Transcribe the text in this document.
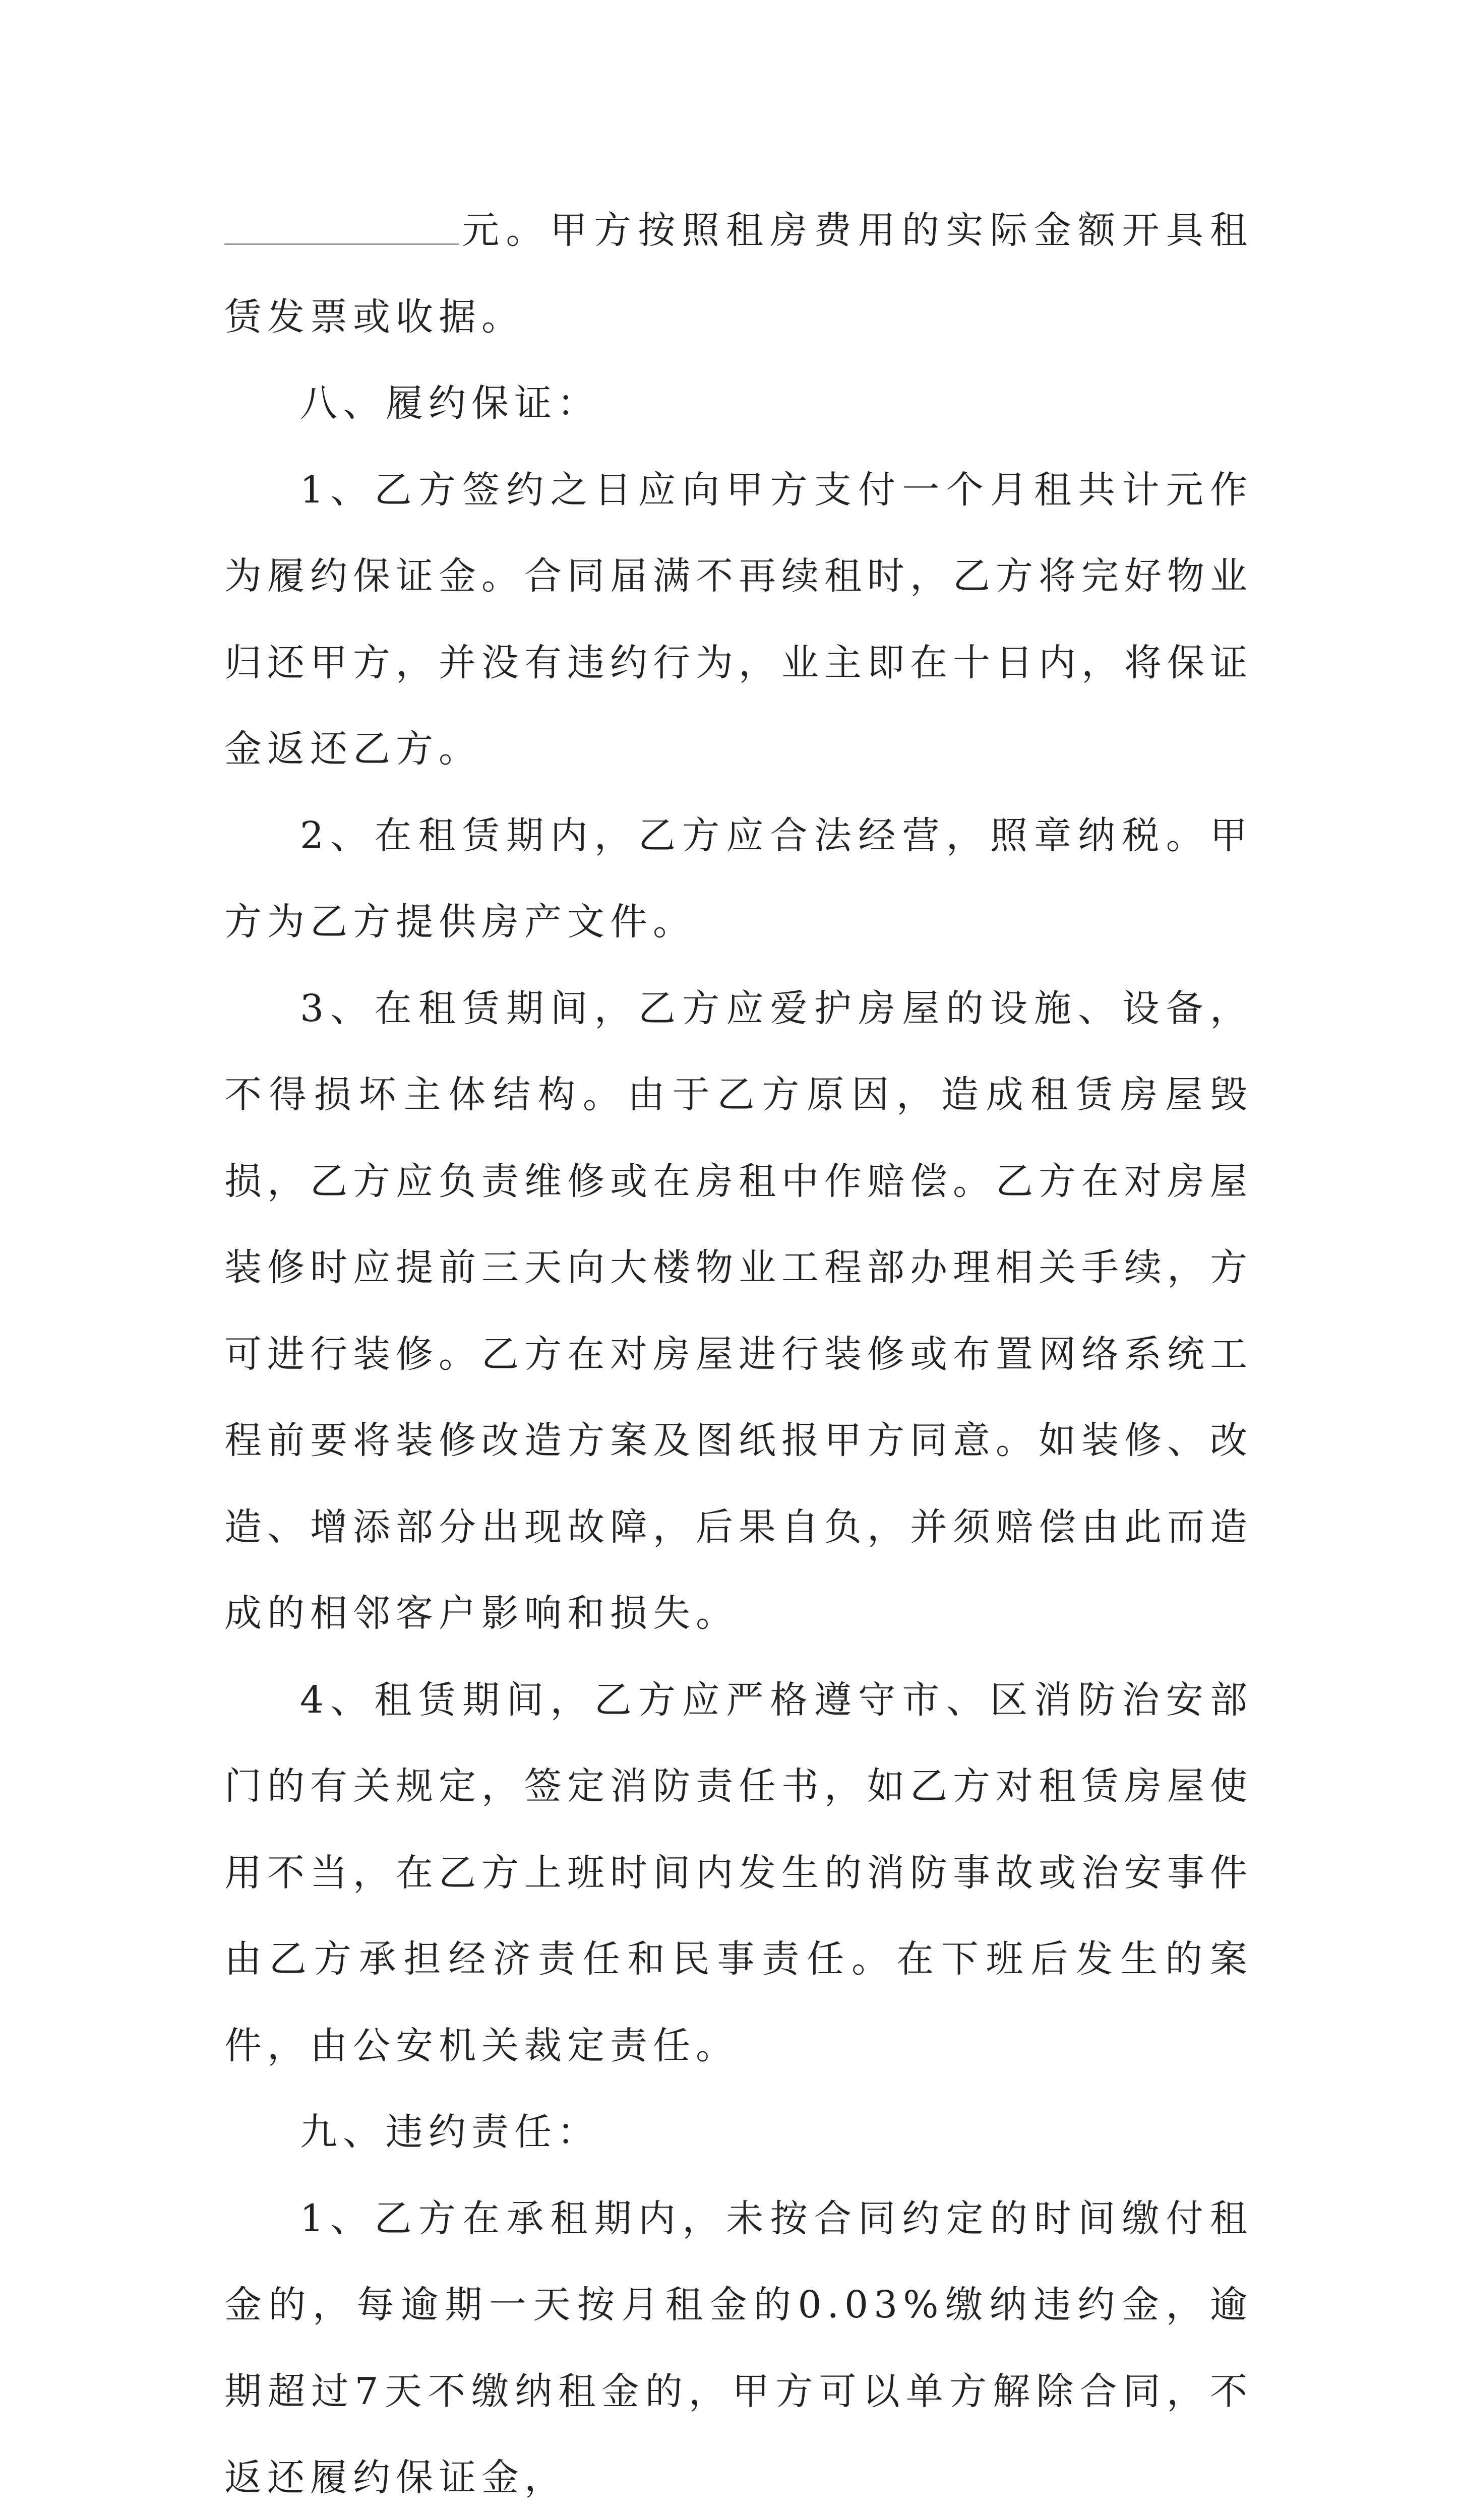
元。甲方按照租房费用的实际金额开具租赁发票或收据。

八、履约保证：

1、乙方签约之日应向甲方支付一个月租共计元作为履约保证金。合同届满不再续租时，乙方将完好物业归还甲方，并没有违约行为，业主即在十日内，将保证金返还乙方。

2、在租赁期内，乙方应合法经营，照章纳税。甲方为乙方提供房产文件。

3、在租赁期间，乙方应爱护房屋的设施、设备，不得损坏主体结构。由于乙方原因，造成租赁房屋毁损，乙方应负责维修或在房租中作赔偿。乙方在对房屋装修时应提前三天向大楼物业工程部办理相关手续，方可进行装修。乙方在对房屋进行装修或布置网络系统工程前要将装修改造方案及图纸报甲方同意。如装修、改造、增添部分出现故障，后果自负，并须赔偿由此而造成的相邻客户影响和损失。

4、租赁期间，乙方应严格遵守市、区消防治安部门的有关规定，签定消防责任书，如乙方对租赁房屋使用不当，在乙方上班时间内发生的消防事故或治安事件由乙方承担经济责任和民事责任。在下班后发生的案件，由公安机关裁定责任。

九、违约责任：

1、乙方在承租期内，未按合同约定的时间缴付租金的，每逾期一天按月租金的0.03%缴纳违约金，逾期超过7天不缴纳租金的，甲方可以单方解除合同，不返还履约保证金，
